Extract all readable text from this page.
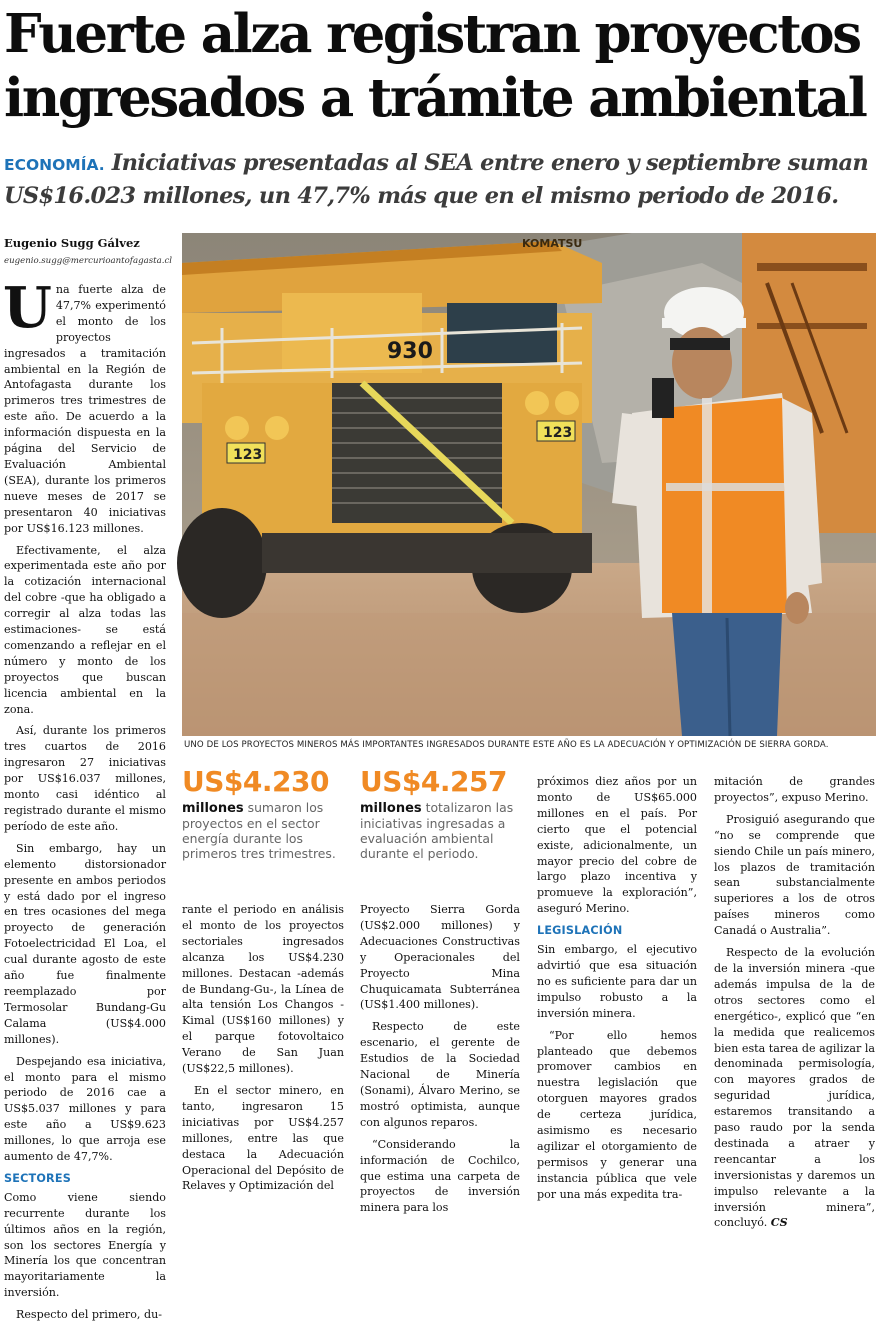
Fuerte alza registran proyectos ingresados a trámite ambiental
ECONOMÍA. Iniciativas presentadas al SEA entre enero y septiembre suman US$16.023 millones, un 47,7% más que en el mismo periodo de 2016.
Eugenio Sugg Gálvez
eugenio.sugg@mercurioantofagasta.cl

Una fuerte alza de 47,7% experimentó el monto de los proyectos ingresados a tramitación ambiental en la Región de Antofagasta durante los primeros tres trimestres de este año. De acuerdo a la información dispuesta en la página del Servicio de Evaluación Ambiental (SEA), durante los primeros nueve meses de 2017 se presentaron 40 iniciativas por US$16.123 millones.

Efectivamente, el alza experimentada este año por la cotización internacional del cobre -que ha obligado a corregir al alza todas las estimaciones- se está comenzando a reflejar en el número y monto de los proyectos que buscan licencia ambiental en la zona.

Así, durante los primeros tres cuartos de 2016 ingresaron 27 iniciativas por US$16.037 millones, monto casi idéntico al registrado durante el mismo período de este año.

Sin embargo, hay un elemento distorsionador presente en ambos periodos y está dado por el ingreso en tres ocasiones del mega proyecto de generación Fotoelectricidad El Loa, el cual durante agosto de este año fue finalmente reemplazado por Termosolar Bundang-Gu Calama (US$4.000 millones).

Despejando esa iniciativa, el monto para el mismo periodo de 2016 cae a US$5.037 millones y para este año a US$9.623 millones, lo que arroja ese aumento de 47,7%.

SECTORES

Como viene siendo recurrente durante los últimos años en la región, son los sectores Energía y Minería los que concentran mayoritariamente la inversión.

Respecto del primero, du-

930
KOMATSU
123
123
UNO DE LOS PROYECTOS MINEROS MÁS IMPORTANTES INGRESADOS DURANTE ESTE AÑO ES LA ADECUACIÓN Y OPTIMIZACIÓN DE SIERRA GORDA.
US$4.230
millones sumaron los proyectos en el sector energía durante los primeros tres trimestres.
US$4.257
millones totalizaron las iniciativas ingresadas a evaluación ambiental durante el periodo.

rante el periodo en análisis el monto de los proyectos sectoriales ingresados alcanza los US$4.230 millones. Destacan -además de Bundang-Gu-, la Línea de alta tensión Los Changos - Kimal (US$160 millones) y el parque fotovoltaico Verano de San Juan (US$22,5 millones).

En el sector minero, en tanto, ingresaron 15 iniciativas por US$4.257 millones, entre las que destaca la Adecuación Operacional del Depósito de Relaves y Optimización del

Proyecto Sierra Gorda (US$2.000 millones) y Adecuaciones Constructivas y Operacionales del Proyecto Mina Chuquicamata Subterránea (US$1.400 millones).

Respecto de este escenario, el gerente de Estudios de la Sociedad Nacional de Minería (Sonami), Álvaro Merino, se mostró optimista, aunque con algunos reparos.

“Considerando la información de Cochilco, que estima una carpeta de proyectos de inversión minera para los

próximos diez años por un monto de US$65.000 millones en el país. Por cierto que el potencial existe, adicionalmente, un mayor precio del cobre de largo plazo incentiva y promueve la exploración”, aseguró Merino.

LEGISLACIÓN

Sin embargo, el ejecutivo advirtió que esa situación no es suficiente para dar un impulso robusto a la inversión minera.

“Por ello hemos planteado que debemos promover cambios en nuestra legislación que otorguen mayores grados de certeza jurídica, asimismo es necesario agilizar el otorgamiento de permisos y generar una instancia pública que vele por una más expedita tra-

mitación de grandes proyectos”, expuso Merino.

Prosiguió asegurando que “no se comprende que siendo Chile un país minero, los plazos de tramitación sean substancialmente superiores a los de otros países mineros como Canadá o Australia”.

Respecto de la evolución de la inversión minera -que además impulsa de la de otros sectores como el energético-, explicó que “en la medida que realicemos bien esta tarea de agilizar la denominada permisología, con mayores grados de seguridad jurídica, estaremos transitando a paso raudo por la senda destinada a atraer y reencantar a los inversionistas y daremos un impulso relevante a la inversión minera”, concluyó. CS
